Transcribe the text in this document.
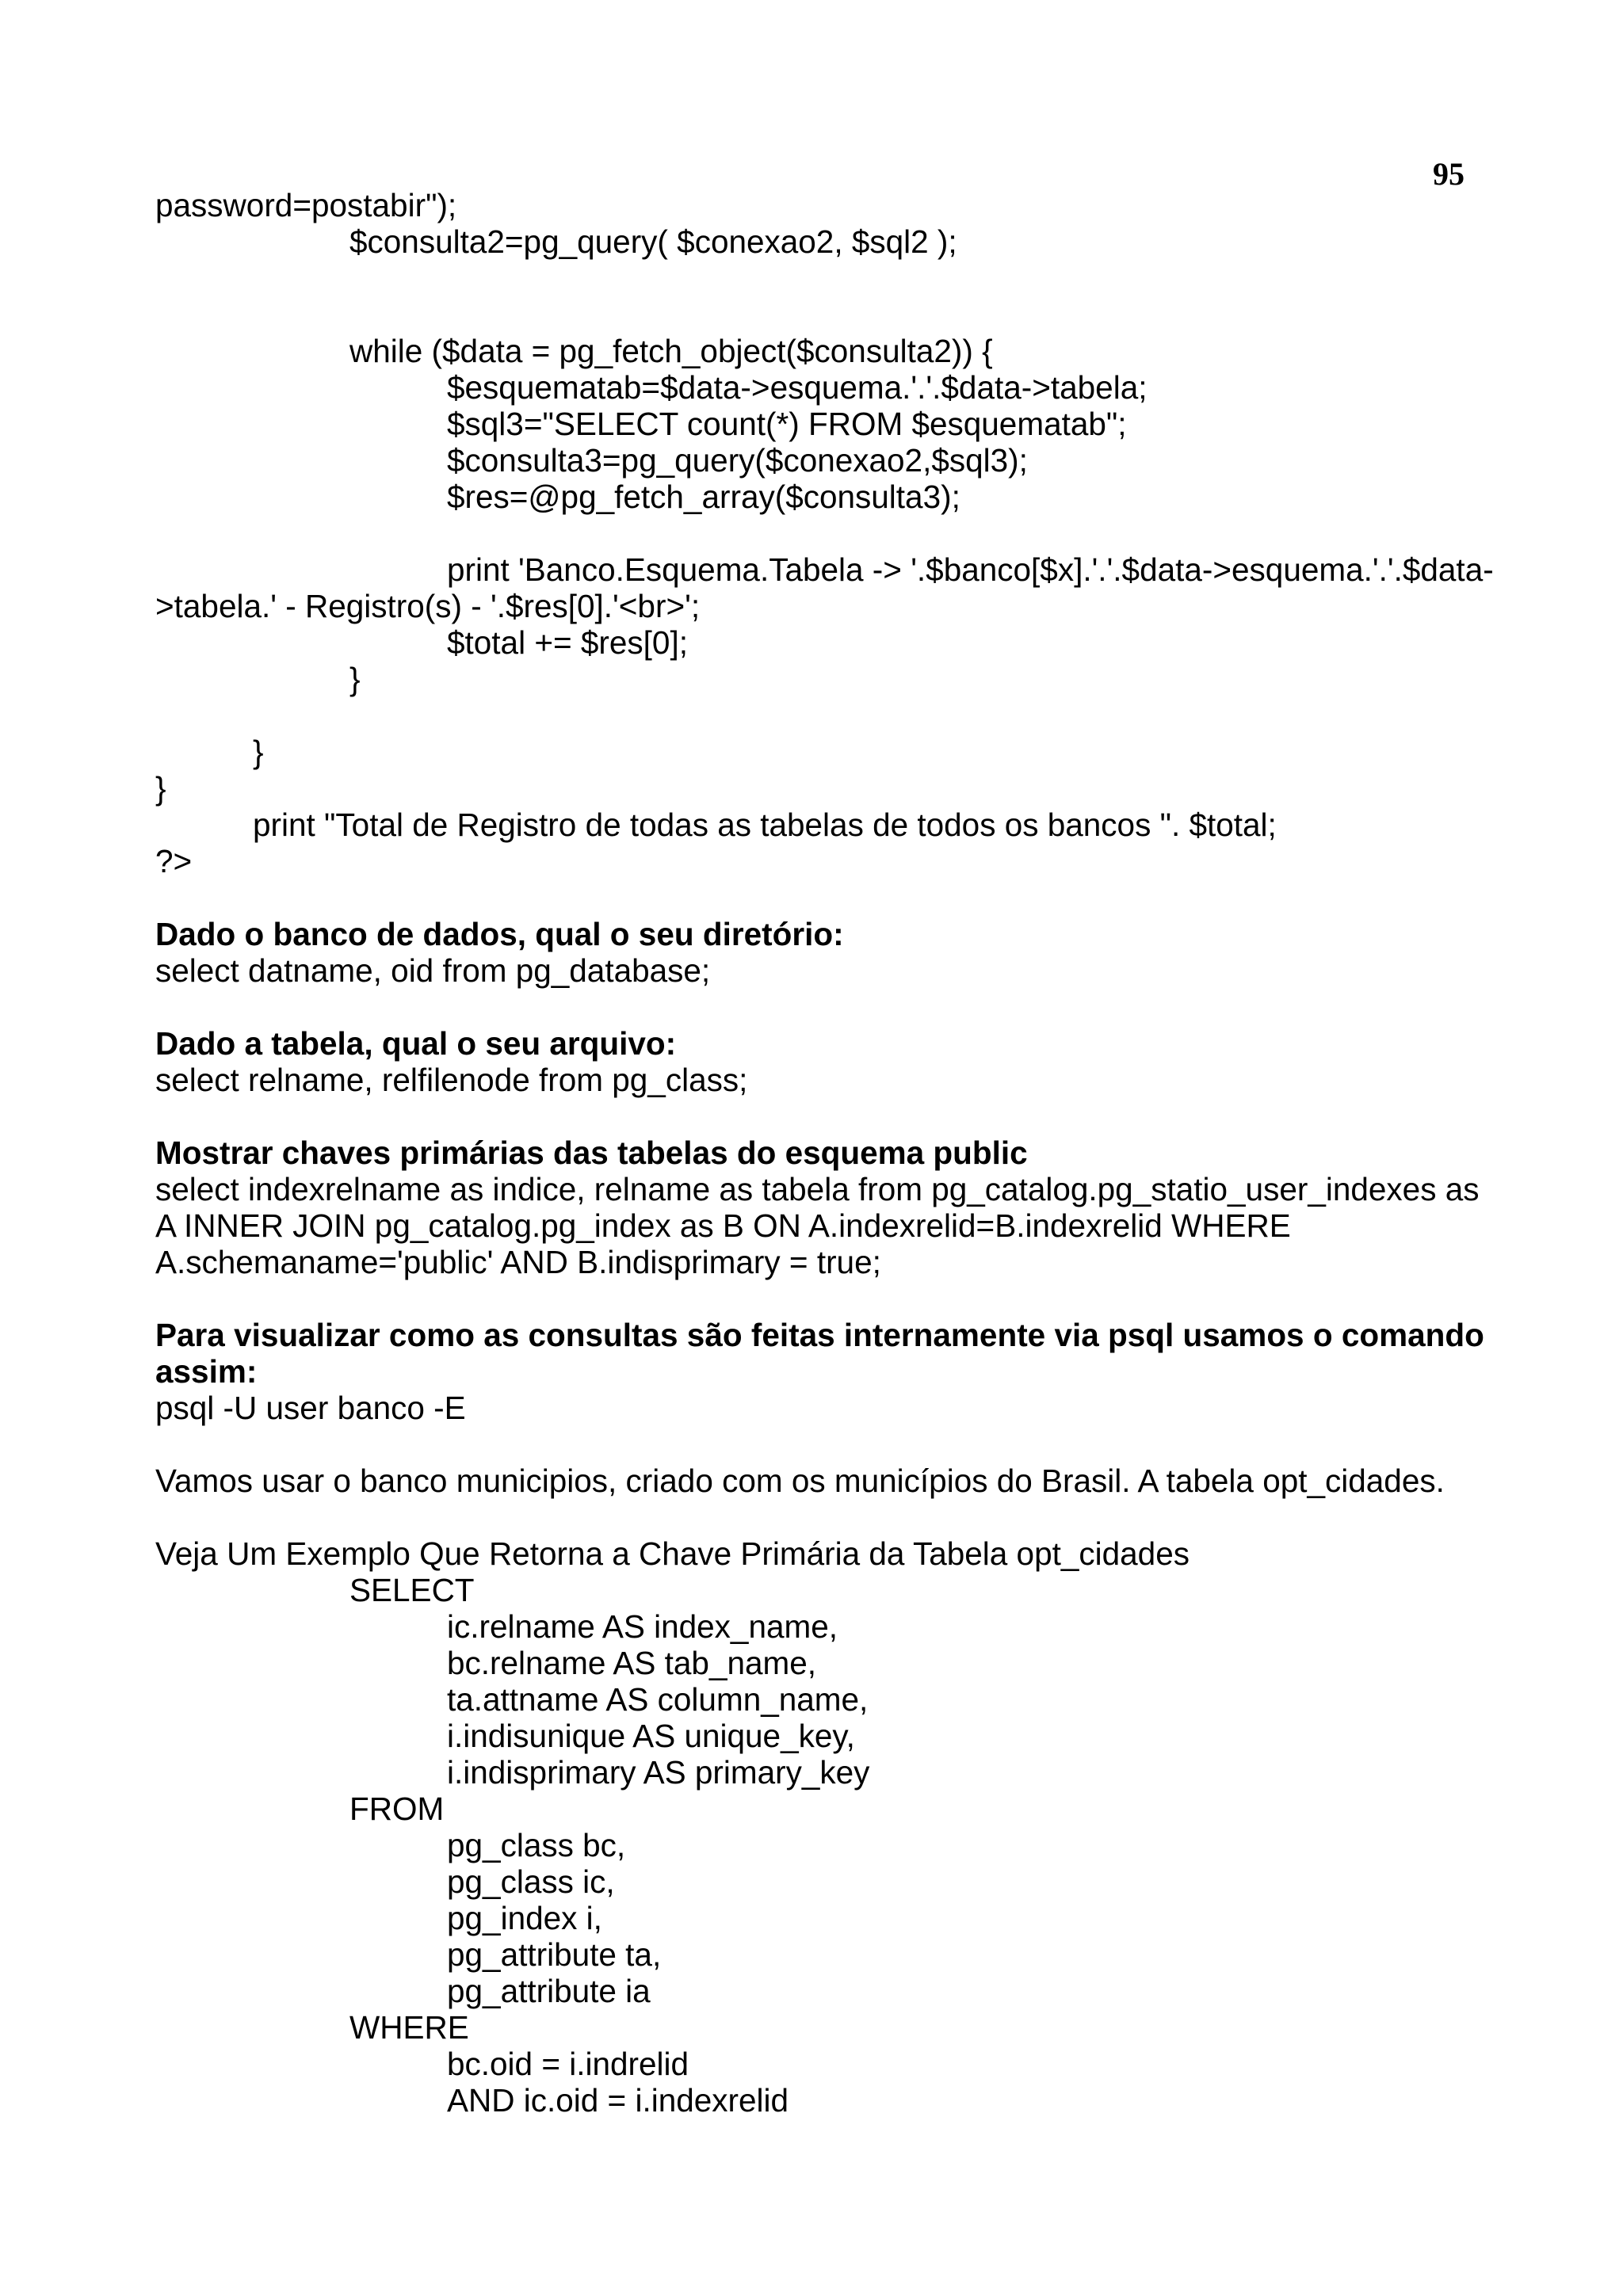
95
password=postabir");
$consulta2=pg_query( $conexao2, $sql2 );
while ($data = pg_fetch_object($consulta2)) {
$esquematab=$data->esquema.'.'.$data->tabela;
$sql3="SELECT count(*) FROM $esquematab";
$consulta3=pg_query($conexao2,$sql3);
$res=@pg_fetch_array($consulta3);
print 'Banco.Esquema.Tabela -> '.$banco[$x].'.'.$data->esquema.'.'.$data-
>tabela.' - Registro(s) - '.$res[0].'<br>';
$total += $res[0];
}
}
}
print "Total de Registro de todas as tabelas de todos os bancos ". $total;
?>
Dado o banco de dados, qual o seu diretório:
select datname, oid from pg_database;
Dado a tabela, qual o seu arquivo:
select relname, relfilenode from pg_class;
Mostrar chaves primárias das tabelas do esquema public
select indexrelname as indice, relname as tabela from pg_catalog.pg_statio_user_indexes as
A INNER JOIN pg_catalog.pg_index as B ON A.indexrelid=B.indexrelid WHERE
A.schemaname='public' AND B.indisprimary = true;
Para visualizar como as consultas são feitas internamente via psql usamos o comando
assim:
psql -U user banco -E
Vamos usar o banco municipios, criado com os municípios do Brasil. A tabela opt_cidades.
Veja Um Exemplo Que Retorna a Chave Primária da Tabela opt_cidades
SELECT
ic.relname AS index_name,
bc.relname AS tab_name,
ta.attname AS column_name,
i.indisunique AS unique_key,
i.indisprimary AS primary_key
FROM
pg_class bc,
pg_class ic,
pg_index i,
pg_attribute ta,
pg_attribute ia
WHERE
bc.oid = i.indrelid
AND ic.oid = i.indexrelid
